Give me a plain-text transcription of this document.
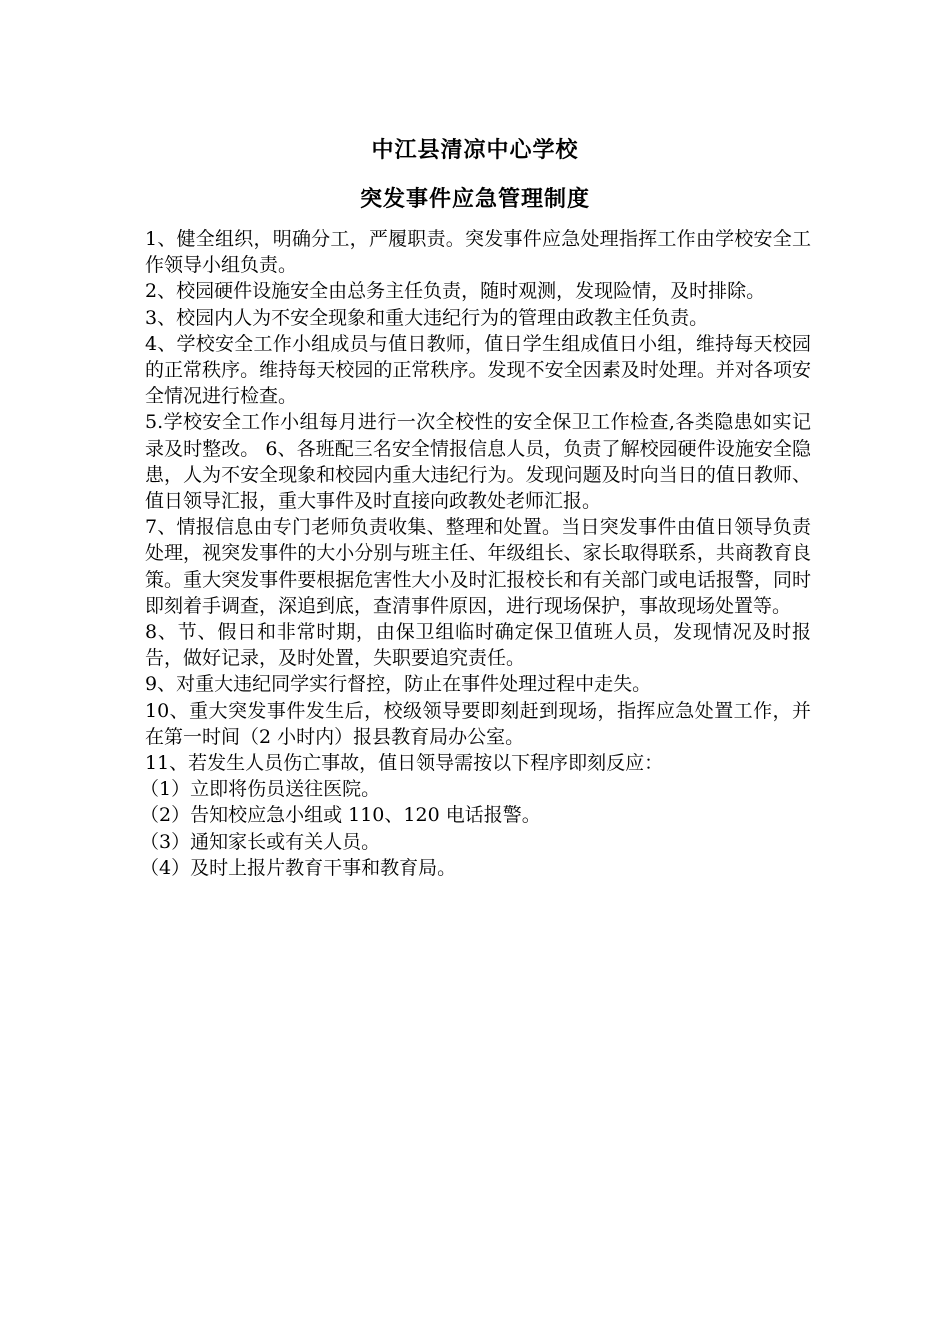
中江县清凉中心学校
突发事件应急管理制度

1、健全组织，明确分工，严履职责。突发事件应急处理指挥工作由学校安全工作领导小组负责。

2、校园硬件设施安全由总务主任负责，随时观测，发现险情，及时排除。

3、校园内人为不安全现象和重大违纪行为的管理由政教主任负责。

4、学校安全工作小组成员与值日教师，值日学生组成值日小组，维持每天校园的正常秩序。维持每天校园的正常秩序。发现不安全因素及时处理。并对各项安全情况进行检查。

5.学校安全工作小组每月进行一次全校性的安全保卫工作检查,各类隐患如实记录及时整改。 6、各班配三名安全情报信息人员，负责了解校园硬件设施安全隐患，人为不安全现象和校园内重大违纪行为。发现问题及时向当日的值日教师、值日领导汇报，重大事件及时直接向政教处老师汇报。

7、情报信息由专门老师负责收集、整理和处置。当日突发事件由值日领导负责处理，视突发事件的大小分别与班主任、年级组长、家长取得联系，共商教育良策。重大突发事件要根据危害性大小及时汇报校长和有关部门或电话报警，同时即刻着手调查，深追到底，查清事件原因，进行现场保护，事故现场处置等。

8、节、假日和非常时期，由保卫组临时确定保卫值班人员，发现情况及时报告，做好记录，及时处置，失职要追究责任。

9、对重大违纪同学实行督控，防止在事件处理过程中走失。

10、重大突发事件发生后，校级领导要即刻赶到现场，指挥应急处置工作，并在第一时间（2 小时内）报县教育局办公室。

11、若发生人员伤亡事故，值日领导需按以下程序即刻反应：

（1）立即将伤员送往医院。

（2）告知校应急小组或 110、120 电话报警。

（3）通知家长或有关人员。

（4）及时上报片教育干事和教育局。
